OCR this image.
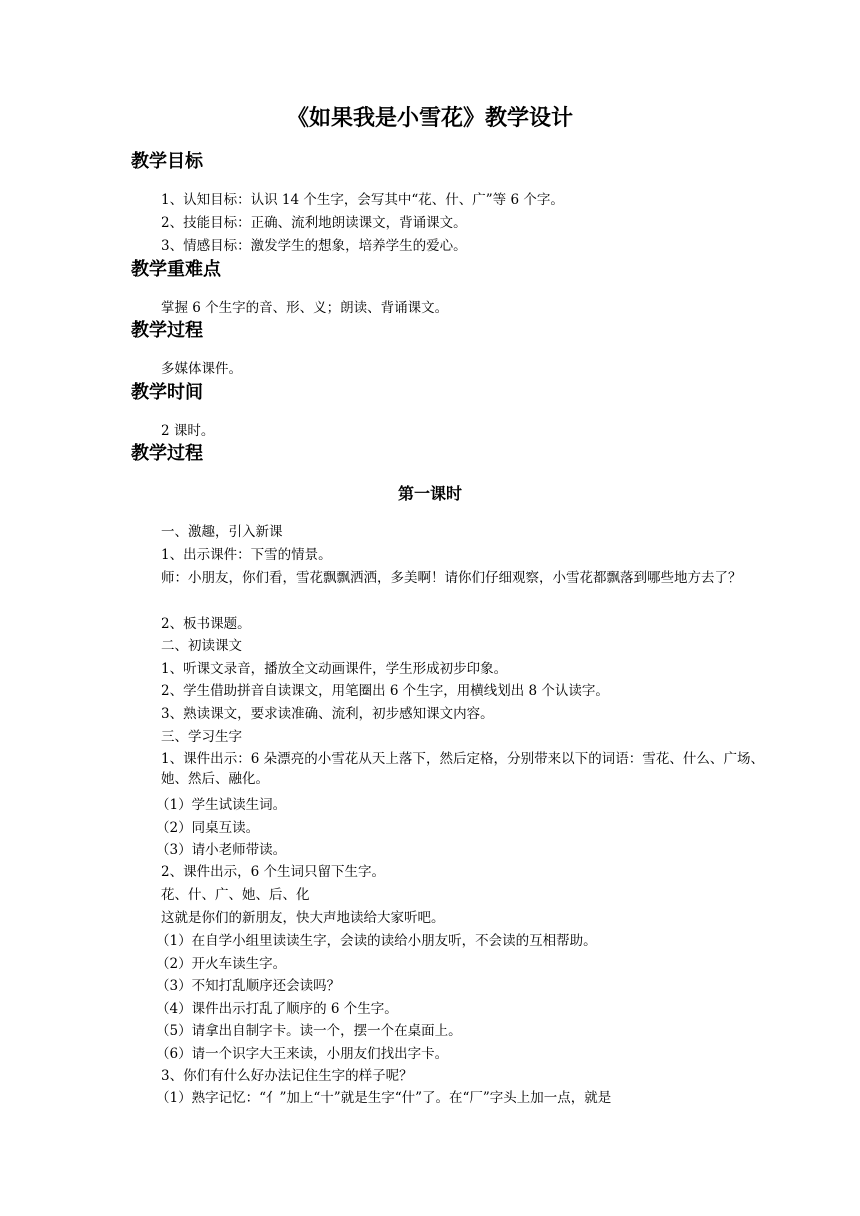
《如果我是小雪花》教学设计
教学目标
1、认知目标：认识 14 个生字，会写其中“花、什、广”等 6 个字。
2、技能目标：正确、流利地朗读课文，背诵课文。
3、情感目标：激发学生的想象，培养学生的爱心。
教学重难点
掌握 6 个生字的音、形、义；朗读、背诵课文。
教学过程
多媒体课件。
教学时间
2 课时。
教学过程
第一课时
一、激趣，引入新课
1、出示课件：下雪的情景。
师：小朋友，你们看，雪花飘飘洒洒，多美啊！请你们仔细观察，小雪花都飘落到哪些地方去了？
2、板书课题。
二、初读课文
1、听课文录音，播放全文动画课件，学生形成初步印象。
2、学生借助拼音自读课文，用笔圈出 6 个生字，用横线划出 8 个认读字。
3、熟读课文，要求读准确、流利，初步感知课文内容。
三、学习生字
1、课件出示：6 朵漂亮的小雪花从天上落下，然后定格，分别带来以下的词语：雪花、什么、广场、她、然后、融化。
（1）学生试读生词。
（2）同桌互读。
（3）请小老师带读。
2、课件出示，6 个生词只留下生字。
花、什、广、她、后、化
这就是你们的新朋友，快大声地读给大家听吧。
（1）在自学小组里读读生字，会读的读给小朋友听，不会读的互相帮助。
（2）开火车读生字。
（3）不知打乱顺序还会读吗？
（4）课件出示打乱了顺序的 6 个生字。
（5）请拿出自制字卡。读一个，摆一个在桌面上。
（6）请一个识字大王来读，小朋友们找出字卡。
3、你们有什么好办法记住生字的样子呢？
（1）熟字记忆：“亻”加上“十”就是生字“什”了。在“厂”字头上加一点，就是
